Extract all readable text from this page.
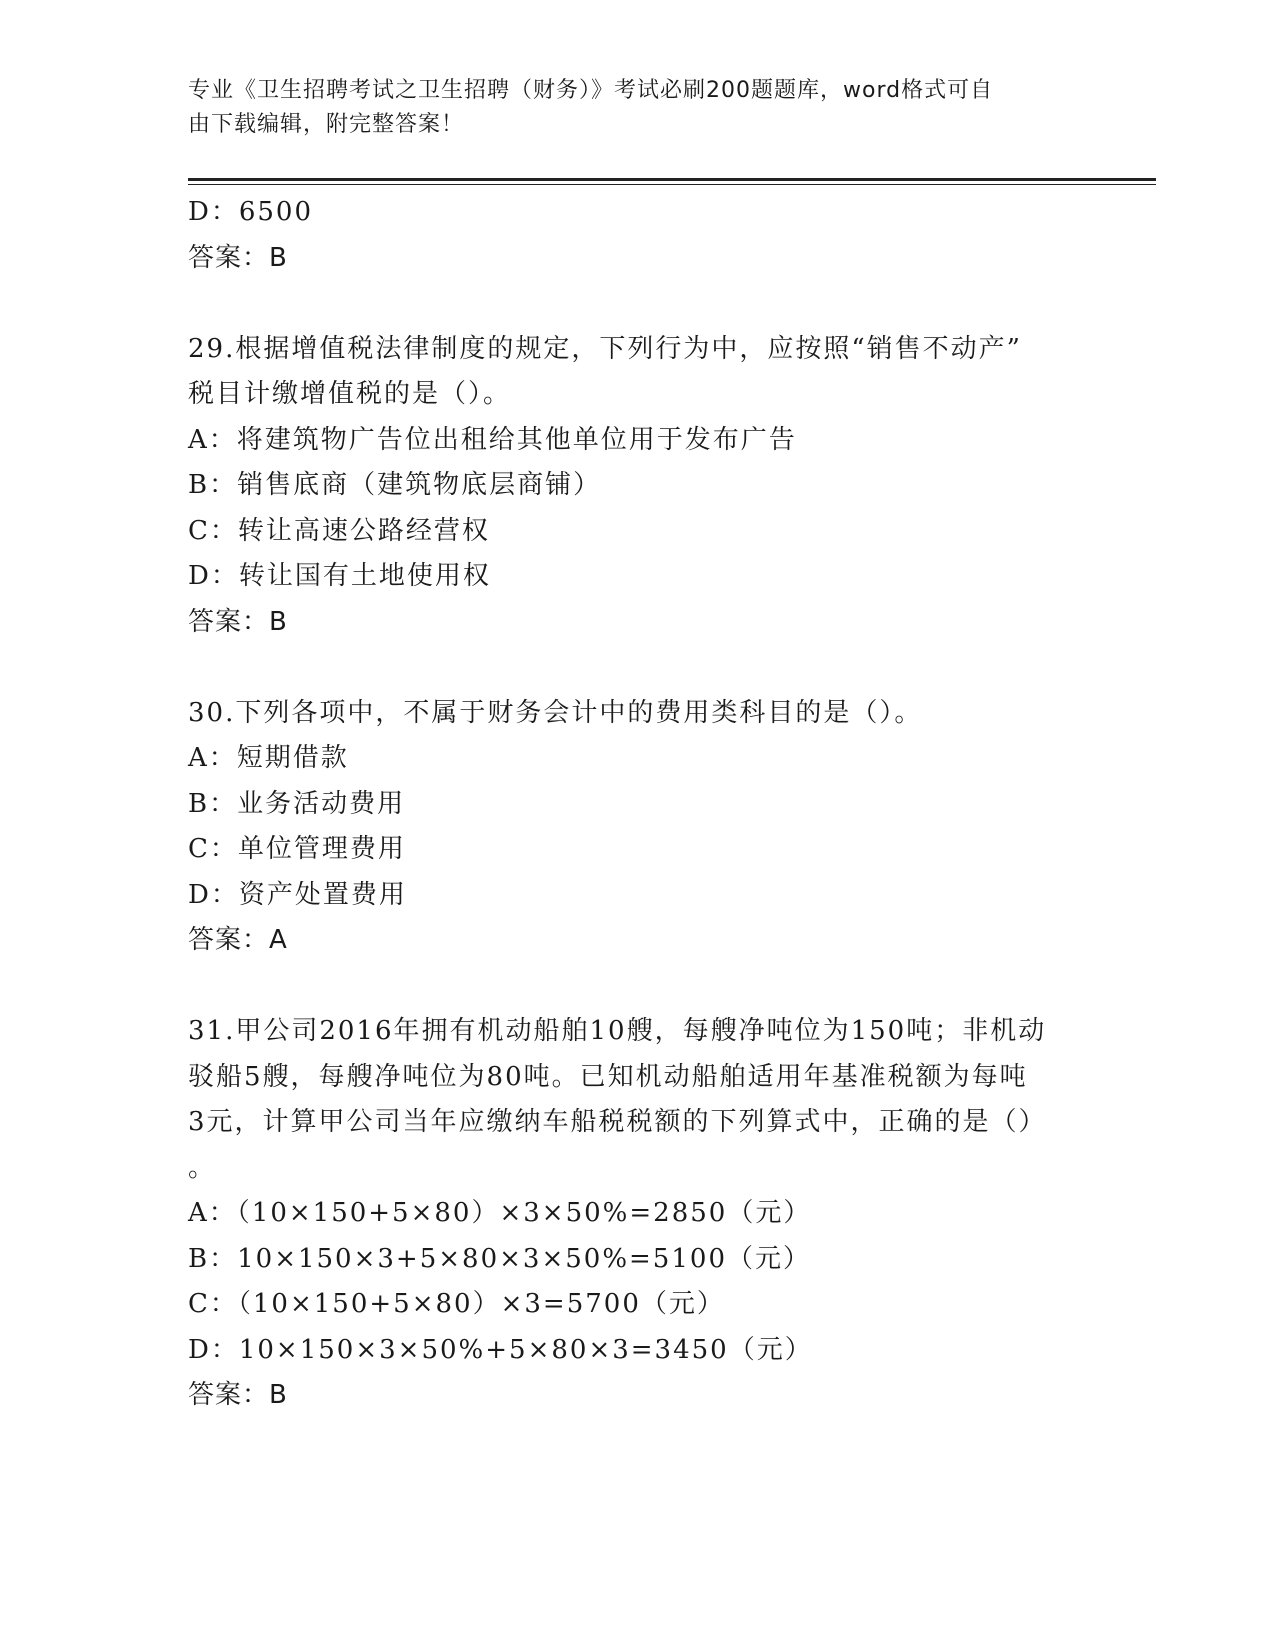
专业《卫生招聘考试之卫生招聘（财务）》考试必刷200题题库，word格式可自
由下载编辑，附完整答案！
D：6500
答案：B
29.根据增值税法律制度的规定，下列行为中，应按照“销售不动产”
税目计缴增值税的是（）。
A：将建筑物广告位出租给其他单位用于发布广告
B：销售底商（建筑物底层商铺）
C：转让高速公路经营权
D：转让国有土地使用权
答案：B
30.下列各项中，不属于财务会计中的费用类科目的是（）。
A：短期借款
B：业务活动费用
C：单位管理费用
D：资产处置费用
答案：A
31.甲公司2016年拥有机动船舶10艘，每艘净吨位为150吨；非机动
驳船5艘，每艘净吨位为80吨。已知机动船舶适用年基准税额为每吨
3元，计算甲公司当年应缴纳车船税税额的下列算式中，正确的是（）
。
A：（10×150+5×80）×3×50%=2850（元）
B：10×150×3+5×80×3×50%=5100（元）
C：（10×150+5×80）×3=5700（元）
D：10×150×3×50%+5×80×3=3450（元）
答案：B
